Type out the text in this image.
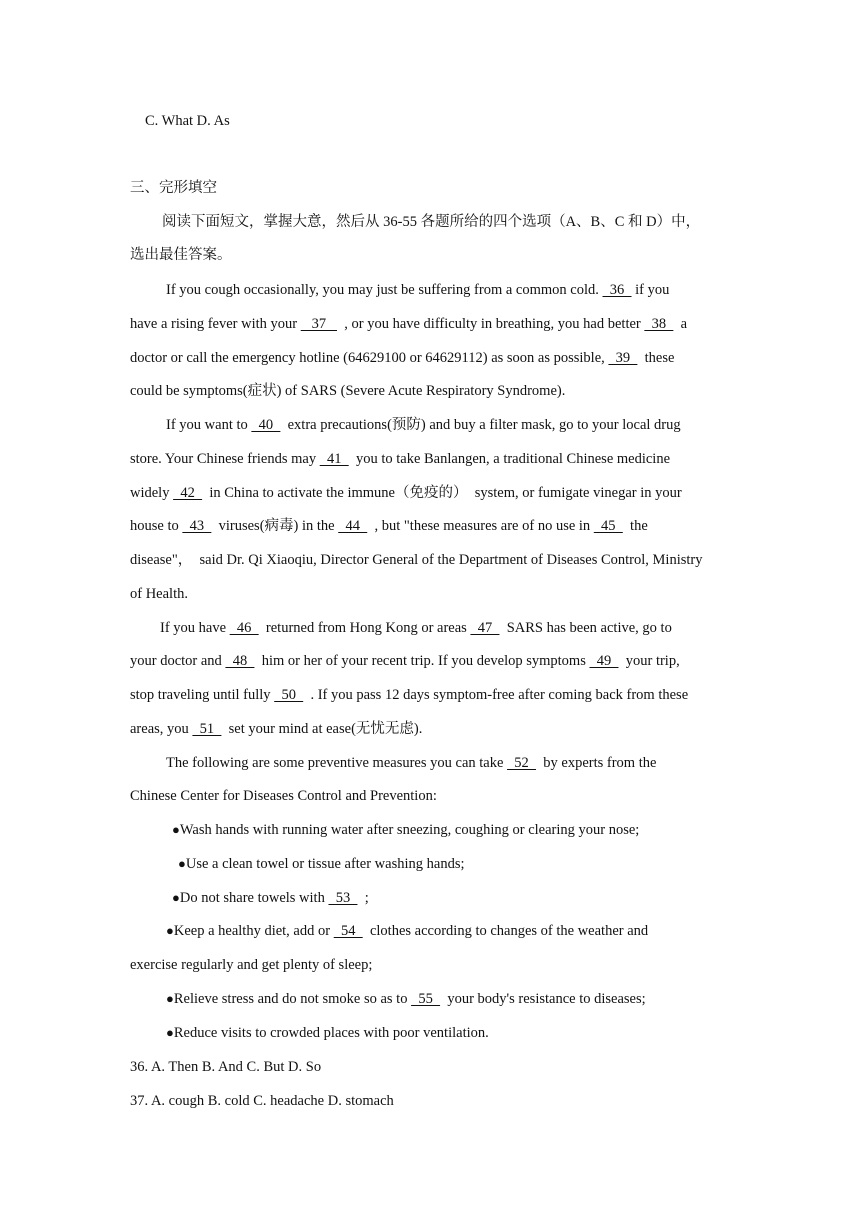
C. What D. As
三、完形填空
阅读下面短文，掌握大意，然后从 36-55 各题所给的四个选项（A、B、C 和 D）中，
选出最佳答案。
If you cough occasionally, you may just be suffering from a common cold.   36   if you
have a rising fever with your    37     , or you have difficulty in breathing, you had better   38    a
doctor or call the emergency hotline (64629100 or 64629112) as soon as possible,   39    these
could be symptoms(症状) of SARS (Severe Acute Respiratory Syndrome).
If you want to   40    extra precautions(预防) and buy a filter mask, go to your local drug
store. Your Chinese friends may   41    you to take Banlangen, a traditional Chinese medicine
widely   42    in China to activate the immune（免疫的）  system, or fumigate vinegar in your
house to   43    viruses(病毒) in the   44    , but "these measures are of no use in   45    the
disease"，  said Dr. Qi Xiaoqiu, Director General of the Department of Diseases Control, Ministry
of Health.
If you have   46    returned from Hong Kong or areas   47    SARS has been active, go to
your doctor and   48    him or her of your recent trip. If you develop symptoms   49    your trip,
stop traveling until fully   50    . If you pass 12 days symptom-free after coming back from these
areas, you   51    set your mind at ease(无忧无虑).
The following are some preventive measures you can take   52    by experts from the
Chinese Center for Diseases Control and Prevention:
●Wash hands with running water after sneezing, coughing or clearing your nose;
●Use a clean towel or tissue after washing hands;
●Do not share towels with   53    ;
●Keep a healthy diet, add or   54    clothes according to changes of the weather and
exercise regularly and get plenty of sleep;
●Relieve stress and do not smoke so as to   55    your body's resistance to diseases;
●Reduce visits to crowded places with poor ventilation.
36. A. Then B. And C. But D. So
37. A. cough B. cold C. headache D. stomach
